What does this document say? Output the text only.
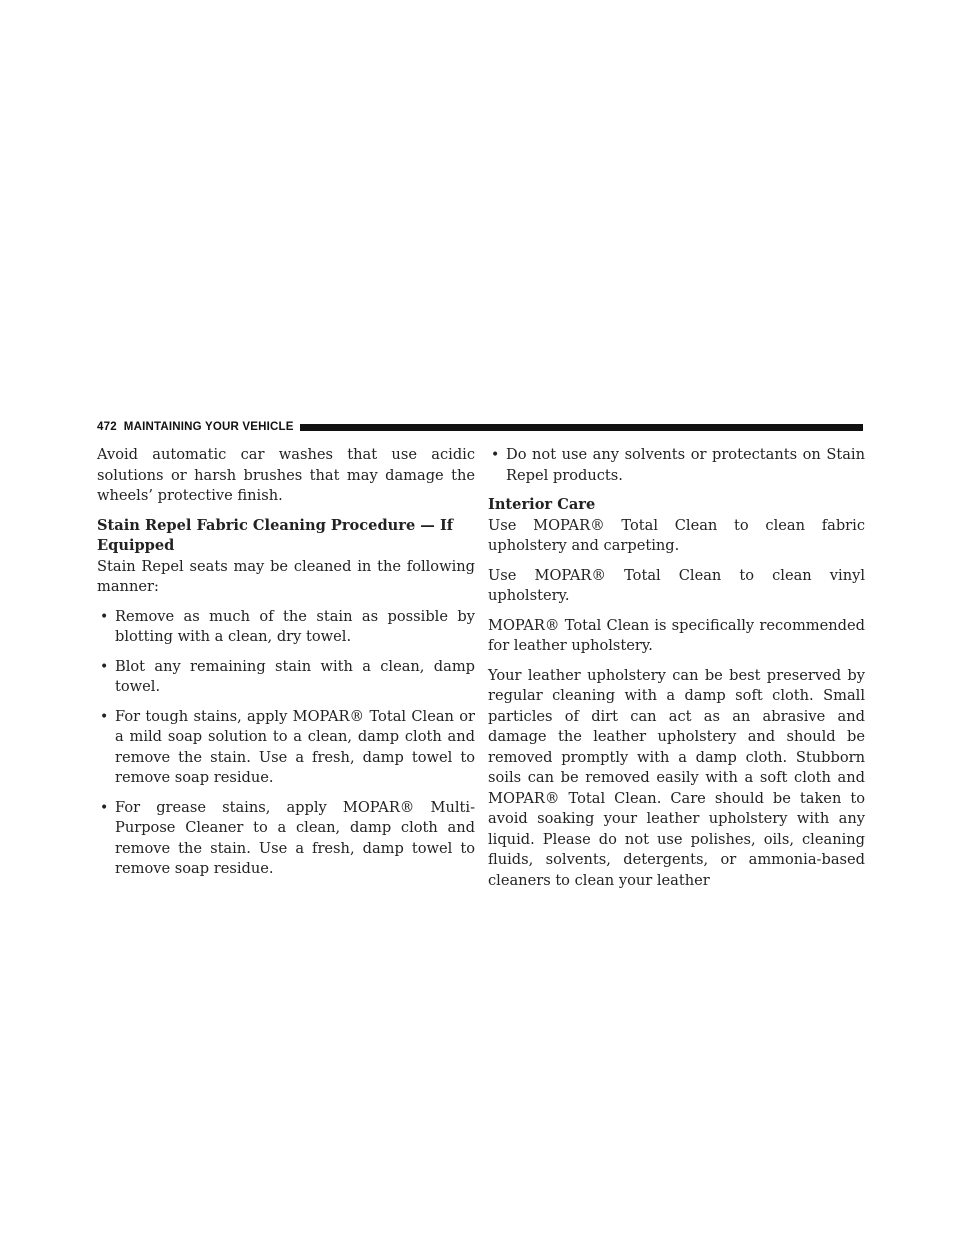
472 MAINTAINING YOUR VEHICLE

Avoid automatic car washes that use acidic solutions or harsh brushes that may damage the wheels’ protective finish.

Stain Repel Fabric Cleaning Procedure — If Equipped

Stain Repel seats may be cleaned in the following manner:

• Remove as much of the stain as possible by blotting with a clean, dry towel.
• Blot any remaining stain with a clean, damp towel.
• For tough stains, apply MOPAR® Total Clean or a mild soap solution to a clean, damp cloth and remove the stain. Use a fresh, damp towel to remove soap residue.
• For grease stains, apply MOPAR® Multi-Purpose Cleaner to a clean, damp cloth and remove the stain. Use a fresh, damp towel to remove soap residue.
• Do not use any solvents or protectants on Stain Repel products.
Interior Care

Use MOPAR® Total Clean to clean fabric upholstery and carpeting.

Use MOPAR® Total Clean to clean vinyl upholstery.

MOPAR® Total Clean is specifically recommended for leather upholstery.

Your leather upholstery can be best preserved by regular cleaning with a damp soft cloth. Small particles of dirt can act as an abrasive and damage the leather upholstery and should be removed promptly with a damp cloth. Stubborn soils can be removed easily with a soft cloth and MOPAR® Total Clean. Care should be taken to avoid soaking your leather upholstery with any liquid. Please do not use polishes, oils, cleaning fluids, solvents, detergents, or ammonia-based cleaners to clean your leather
